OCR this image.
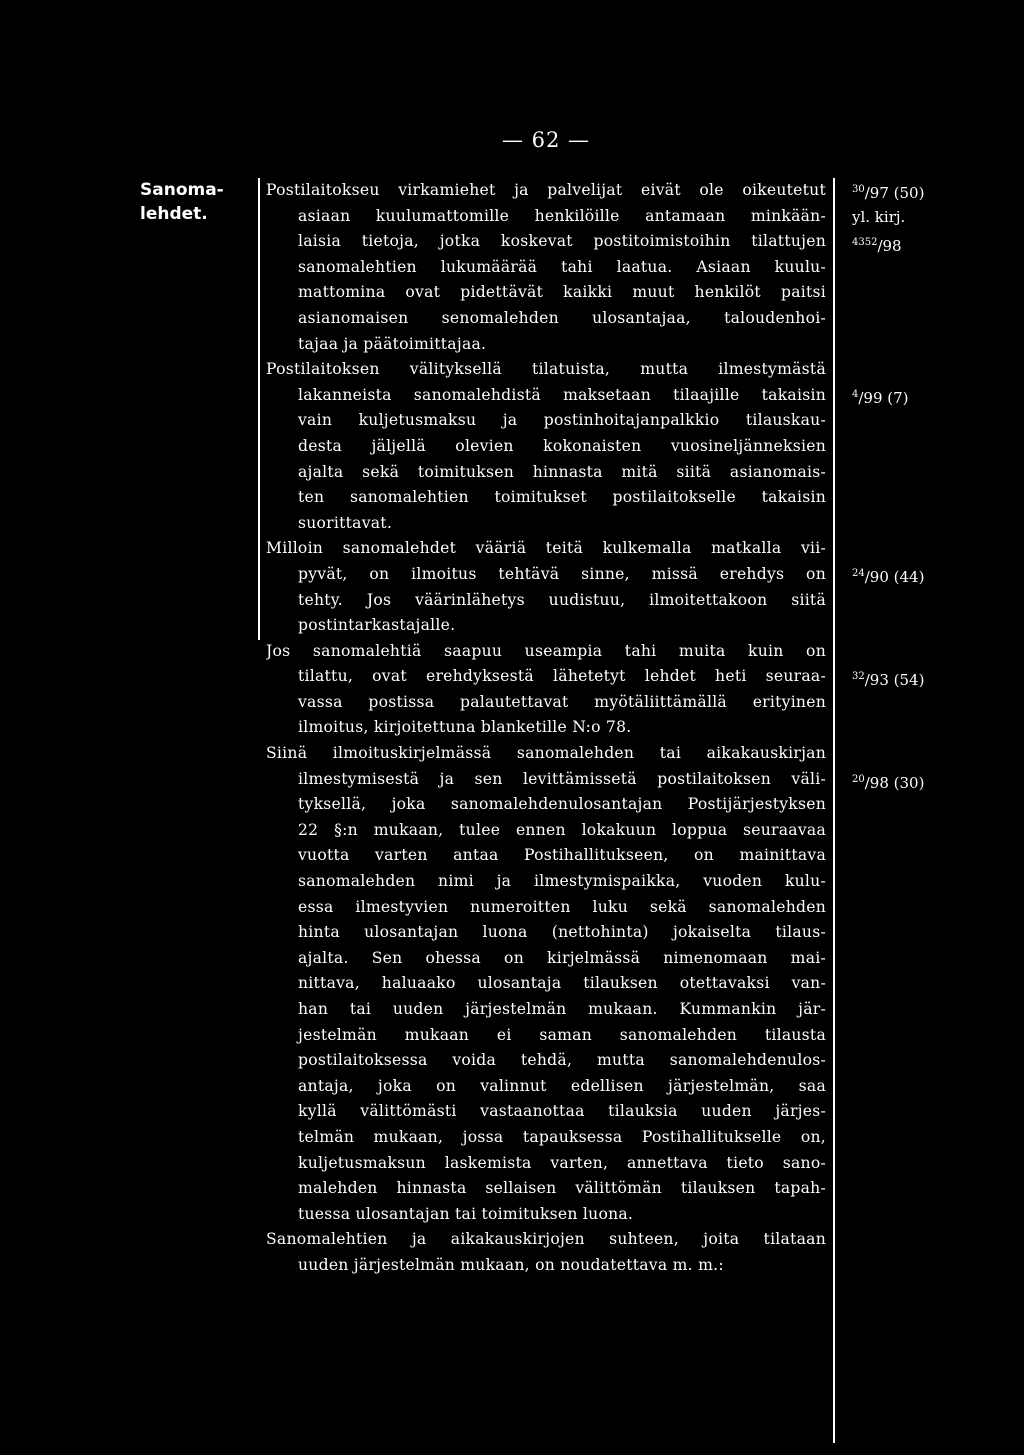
— 62 —
Sanoma-
lehdet.
Postilaitokseu virkamiehet ja palvelijat eivät ole oikeutetut
asiaan kuulumattomille henkilöille antamaan minkään-
laisia tietoja, jotka koskevat postitoimistoihin tilattujen
sanomalehtien lukumäärää tahi laatua. Asiaan kuulu-
mattomina ovat pidettävät kaikki muut henkilöt paitsi
asianomaisen senomalehden ulosantajaa, taloudenhoi-
tajaa ja päätoimittajaa.
Postilaitoksen välityksellä tilatuista, mutta ilmestymästä
lakanneista sanomalehdistä maksetaan tilaajille takaisin
vain kuljetusmaksu ja postinhoitajanpalkkio tilauskau-
desta jäljellä olevien kokonaisten vuosineljänneksien
ajalta sekä toimituksen hinnasta mitä siitä asianomais-
ten sanomalehtien toimitukset postilaitokselle takaisin
suorittavat.
Milloin sanomalehdet vääriä teitä kulkemalla matkalla vii-
pyvät, on ilmoitus tehtävä sinne, missä erehdys on
tehty. Jos väärinlähetys uudistuu, ilmoitettakoon siitä
postintarkastajalle.
Jos sanomalehtiä saapuu useampia tahi muita kuin on
tilattu, ovat erehdyksestä lähetetyt lehdet heti seuraa-
vassa postissa palautettavat myötäliittämällä erityinen
ilmoitus, kirjoitettuna blanketille N:o 78.
Siinä ilmoituskirjelmässä sanomalehden tai aikakauskirjan
ilmestymisestä ja sen levittämissetä postilaitoksen väli-
tyksellä, joka sanomalehdenulosantajan Postijärjestyksen
22 §:n mukaan, tulee ennen lokakuun loppua seuraavaa
vuotta varten antaa Postihallitukseen, on mainittava
sanomalehden nimi ja ilmestymispaikka, vuoden kulu-
essa ilmestyvien numeroitten luku sekä sanomalehden
hinta ulosantajan luona (nettohinta) jokaiselta tilaus-
ajalta. Sen ohessa on kirjelmässä nimenomaan mai-
nittava, haluaako ulosantaja tilauksen otettavaksi van-
han tai uuden järjestelmän mukaan. Kummankin jär-
jestelmän mukaan ei saman sanomalehden tilausta
postilaitoksessa voida tehdä, mutta sanomalehdenulos-
antaja, joka on valinnut edellisen järjestelmän, saa
kyllä välittömästi vastaanottaa tilauksia uuden järjes-
telmän mukaan, jossa tapauksessa Postihallitukselle on,
kuljetusmaksun laskemista varten, annettava tieto sano-
malehden hinnasta sellaisen välittömän tilauksen tapah-
tuessa ulosantajan tai toimituksen luona.
Sanomalehtien ja aikakauskirjojen suhteen, joita tilataan
uuden järjestelmän mukaan, on noudatettava m. m.:
$^{30}$/97 (50)
yl. kirj.
$^{4352}$/98
$^4$/99 (7)
$^{24}$/90 (44)
$^{32}$/93 (54)
$^{20}$/98 (30)
